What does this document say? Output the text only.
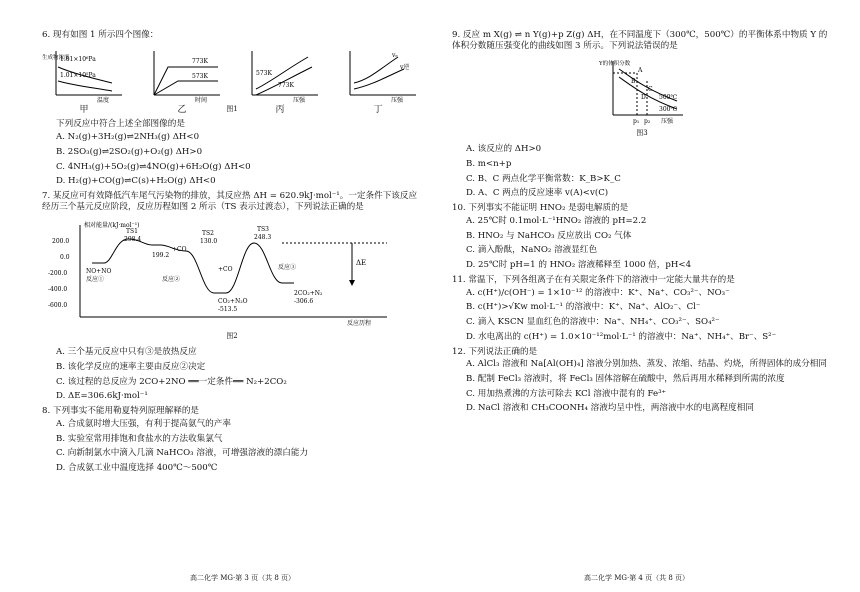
6. 现有如图 1 所示四个图像：
1.01×10⁶Pa
1.01×10⁵Pa
温度
生成物浓度
甲
773K
573K
时间
乙
573K
773K
压强
丙
vₑ
v逆
压强
丁
图1
下列反应中符合上述全部图像的是
A. N₂(g)+3H₂(g)⇌2NH₃(g) ΔH<0
B. 2SO₃(g)⇌2SO₂(g)+O₂(g) ΔH>0
C. 4NH₃(g)+5O₂(g)⇌4NO(g)+6H₂O(g) ΔH<0
D. H₂(g)+CO(g)⇌C(s)+H₂O(g) ΔH<0
7. 某反应可有效降低汽车尾气污染物的排放，其反应热 ΔH = 620.9kJ·mol⁻¹。一定条件下该反应经历三个基元反应阶段，反应历程如图 2 所示（TS 表示过渡态），下列说法正确的是
相对能量/(kJ·mol⁻¹)
反应历程
200.0
0.0
-200.0
-400.0
-600.0
TS1
298.4
199.2
TS2
130.0
TS3
248.3
NO+NO
反应①	反应②
反应③
CO₂+N₂O
-513.5
2CO₂+N₂
-306.6
ΔE
+CO
+CO
图2
A. 三个基元反应中只有③是放热反应
B. 该化学反应的速率主要由反应②决定
C. 该过程的总反应为 2CO+2NO ══一定条件══ N₂+2CO₂
D. ΔE=306.6kJ·mol⁻¹
8. 下列事实不能用勒夏特列原理解释的是
A. 合成氨时增大压强，有利于提高氨气的产率
B. 实验室常用排饱和食盐水的方法收集氯气
C. 向新制氯水中滴入几滴 NaHCO₃ 溶液，可增强溶液的漂白能力
D. 合成氨工业中温度选择 400℃～500℃
高二化学 MG·第 3 页（共 8 页）
9. 反应 m X(g) ⇌ n Y(g)+p Z(g) ΔH，在不同温度下（300℃，500℃）的平衡体系中物质 Y 的体积分数随压强变化的曲线如图 3 所示。下列说法错误的是
A
B
C
D 500℃
300℃
p₁ p₂ 压强
Y的体积分数
图3
A. 该反应的 ΔH>0
B. m<n+p
C. B、C 两点化学平衡常数：K_B>K_C
D. A、C 两点的反应速率 v(A)<v(C)
10. 下列事实不能证明 HNO₂ 是弱电解质的是
A. 25℃时 0.1mol·L⁻¹HNO₂ 溶液的 pH=2.2
B. HNO₂ 与 NaHCO₃ 反应放出 CO₂ 气体
C. 滴入酚酞，NaNO₂ 溶液显红色
D. 25℃时 pH=1 的 HNO₂ 溶液稀释至 1000 倍，pH<4
11. 常温下，下列各组离子在有关限定条件下的溶液中一定能大量共存的是
A. c(H⁺)/c(OH⁻) = 1×10⁻¹² 的溶液中：K⁺、Na⁺、CO₃²⁻、NO₃⁻
B. c(H⁺)>√Kw mol·L⁻¹ 的溶液中：K⁺、Na⁺、AlO₂⁻、Cl⁻
C. 滴入 KSCN 显血红色的溶液中：Na⁺、NH₄⁺、CO₃²⁻、SO₄²⁻
D. 水电离出的 c(H⁺) = 1.0×10⁻¹²mol·L⁻¹ 的溶液中：Na⁺、NH₄⁺、Br⁻、S²⁻
12. 下列说法正确的是
A. AlCl₃ 溶液和 Na[Al(OH)₄] 溶液分别加热、蒸发、浓缩、结晶、灼烧，所得固体的成分相同
B. 配制 FeCl₃ 溶液时，将 FeCl₃ 固体溶解在硫酸中，然后再用水稀释到所需的浓度
C. 用加热煮沸的方法可除去 KCl 溶液中混有的 Fe³⁺
D. NaCl 溶液和 CH₃COONH₄ 溶液均呈中性，两溶液中水的电离程度相同
高二化学 MG·第 4 页（共 8 页）
